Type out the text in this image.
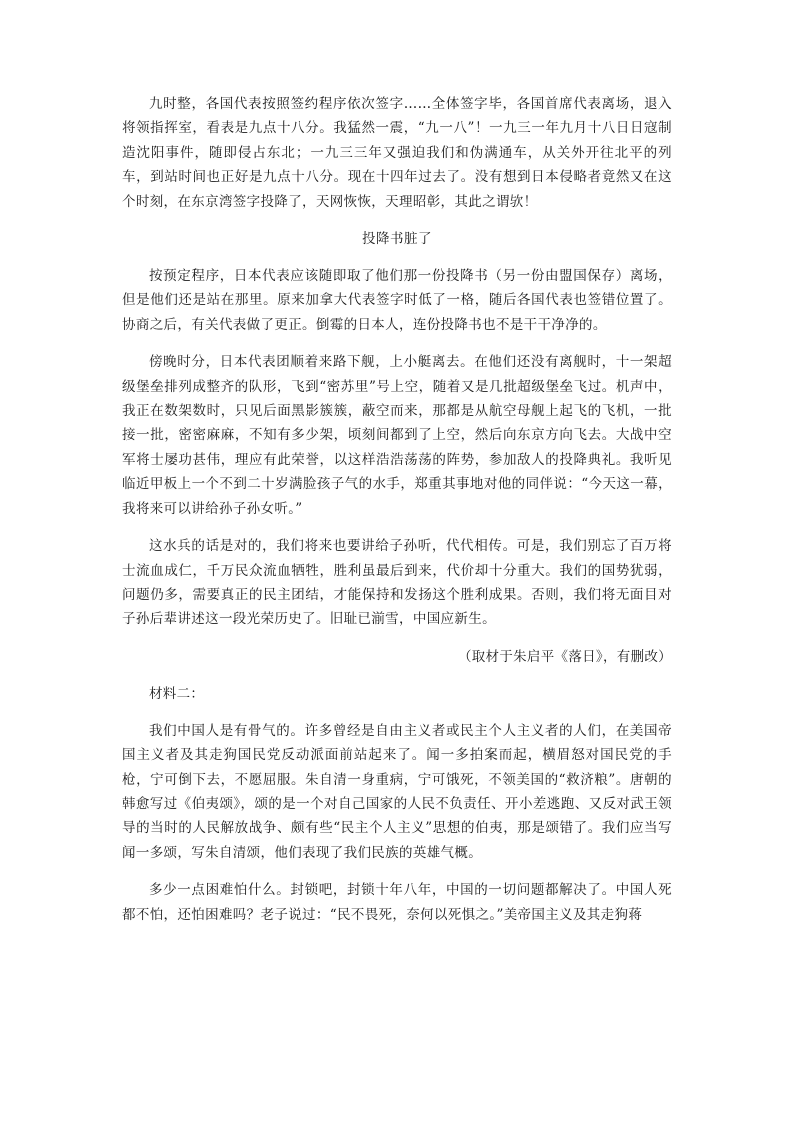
九时整，各国代表按照签约程序依次签字……全体签字毕，各国首席代表离场，退入将领指挥室，看表是九点十八分。我猛然一震，“九一八”！一九三一年九月十八日日寇制造沈阳事件，随即侵占东北；一九三三年又强迫我们和伪满通车，从关外开往北平的列车，到站时间也正好是九点十八分。现在十四年过去了。没有想到日本侵略者竟然又在这个时刻，在东京湾签字投降了，天网恢恢，天理昭彰，其此之谓欤！

投降书脏了

按预定程序，日本代表应该随即取了他们那一份投降书（另一份由盟国保存）离场，但是他们还是站在那里。原来加拿大代表签字时低了一格，随后各国代表也签错位置了。协商之后，有关代表做了更正。倒霉的日本人，连份投降书也不是干干净净的。

傍晚时分，日本代表团顺着来路下舰，上小艇离去。在他们还没有离舰时，十一架超级堡垒排列成整齐的队形，飞到“密苏里”号上空，随着又是几批超级堡垒飞过。机声中，我正在数架数时，只见后面黑影簇簇，蔽空而来，那都是从航空母舰上起飞的飞机，一批接一批，密密麻麻，不知有多少架，顷刻间都到了上空，然后向东京方向飞去。大战中空军将士屡功甚伟，理应有此荣誉，以这样浩浩荡荡的阵势，参加敌人的投降典礼。我听见临近甲板上一个不到二十岁满脸孩子气的水手，郑重其事地对他的同伴说：“今天这一幕，我将来可以讲给孙子孙女听。”

这水兵的话是对的，我们将来也要讲给子孙听，代代相传。可是，我们别忘了百万将士流血成仁，千万民众流血牺牲，胜利虽最后到来，代价却十分重大。我们的国势犹弱，问题仍多，需要真正的民主团结，才能保持和发扬这个胜利成果。否则，我们将无面目对子孙后辈讲述这一段光荣历史了。旧耻已湔雪，中国应新生。

（取材于朱启平《落日》，有删改）

材料二：

我们中国人是有骨气的。许多曾经是自由主义者或民主个人主义者的人们，在美国帝国主义者及其走狗国民党反动派面前站起来了。闻一多拍案而起，横眉怒对国民党的手枪，宁可倒下去，不愿屈服。朱自清一身重病，宁可饿死，不领美国的“救济粮”。唐朝的韩愈写过《伯夷颂》，颂的是一个对自己国家的人民不负责任、开小差逃跑、又反对武王领导的当时的人民解放战争、颇有些“民主个人主义”思想的伯夷，那是颂错了。我们应当写闻一多颂，写朱自清颂，他们表现了我们民族的英雄气概。

多少一点困难怕什么。封锁吧，封锁十年八年，中国的一切问题都解决了。中国人死都不怕，还怕困难吗？老子说过：“民不畏死，奈何以死惧之。”美帝国主义及其走狗蒋
